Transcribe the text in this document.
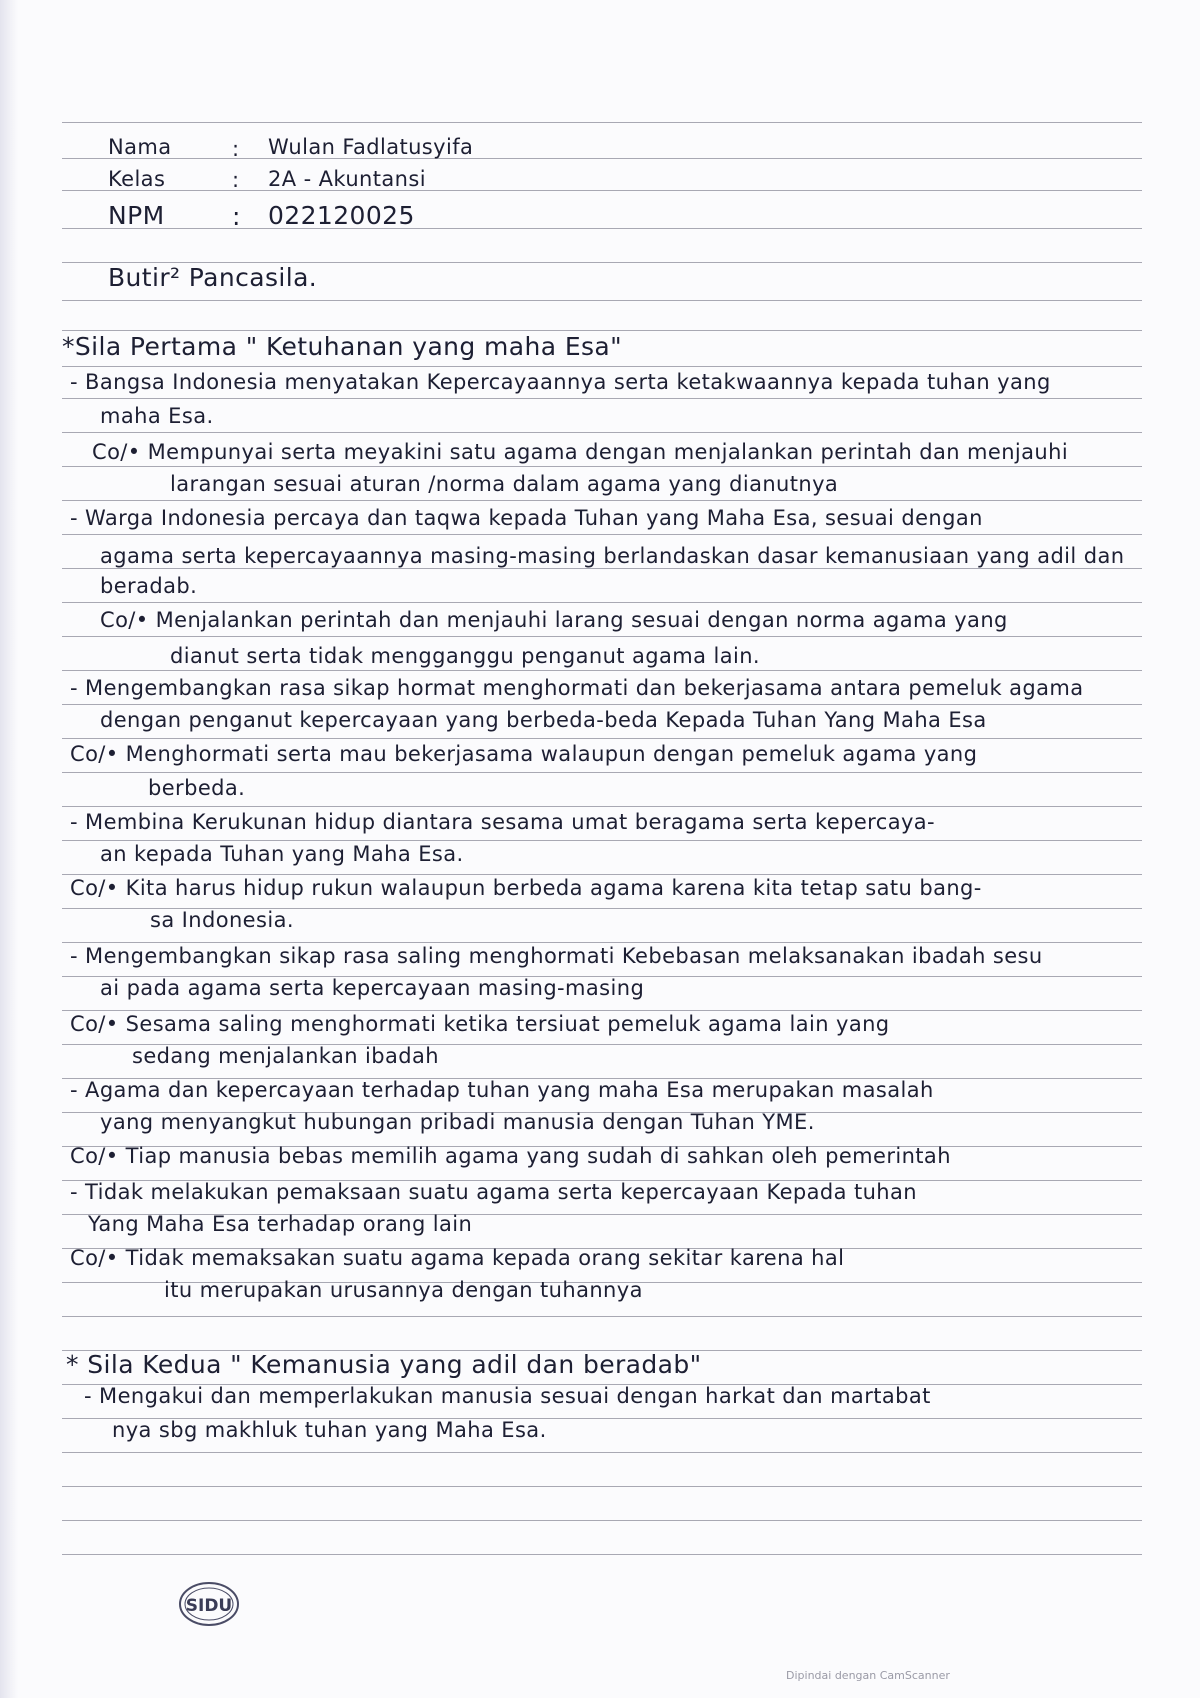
Nama	: Wulan Fadlatusyifa

Kelas	: 2A - Akuntansi

NPM	: 022120025

Butir² Pancasila.

*Sila Pertama " Ketuhanan yang maha Esa"

- Bangsa Indonesia menyatakan Kepercayaannya serta ketakwaannya kepada tuhan yang

maha Esa.

Co/• Mempunyai serta meyakini satu agama dengan menjalankan perintah dan menjauhi

larangan sesuai aturan /norma dalam agama yang dianutnya

- Warga Indonesia percaya dan taqwa kepada Tuhan yang Maha Esa, sesuai dengan

agama serta kepercayaannya masing-masing berlandaskan dasar kemanusiaan yang adil dan

beradab.

Co/• Menjalankan perintah dan menjauhi larang sesuai dengan norma agama yang

dianut serta tidak mengganggu penganut agama lain.

- Mengembangkan rasa sikap hormat menghormati dan bekerjasama antara pemeluk agama

dengan penganut kepercayaan yang berbeda-beda Kepada Tuhan Yang Maha Esa

Co/• Menghormati serta mau bekerjasama walaupun dengan pemeluk agama yang

berbeda.

- Membina Kerukunan hidup diantara sesama umat beragama serta kepercaya-

an kepada Tuhan yang Maha Esa.

Co/• Kita harus hidup rukun walaupun berbeda agama karena kita tetap satu bang-

sa Indonesia.

- Mengembangkan sikap rasa saling menghormati Kebebasan melaksanakan ibadah sesu

ai pada agama serta kepercayaan masing-masing

Co/• Sesama saling menghormati ketika tersiuat pemeluk agama lain yang

sedang menjalankan ibadah

- Agama dan kepercayaan terhadap tuhan yang maha Esa merupakan masalah

yang menyangkut hubungan pribadi manusia dengan Tuhan YME.

Co/• Tiap manusia bebas memilih agama yang sudah di sahkan oleh pemerintah

- Tidak melakukan pemaksaan suatu agama serta kepercayaan Kepada tuhan

Yang Maha Esa terhadap orang lain

Co/• Tidak memaksakan suatu agama kepada orang sekitar karena hal

itu merupakan urusannya dengan tuhannya

* Sila Kedua " Kemanusia yang adil dan beradab"

- Mengakui dan memperlakukan manusia sesuai dengan harkat dan martabat

nya sbg makhluk tuhan yang Maha Esa.

SIDU
Dipindai dengan CamScanner
